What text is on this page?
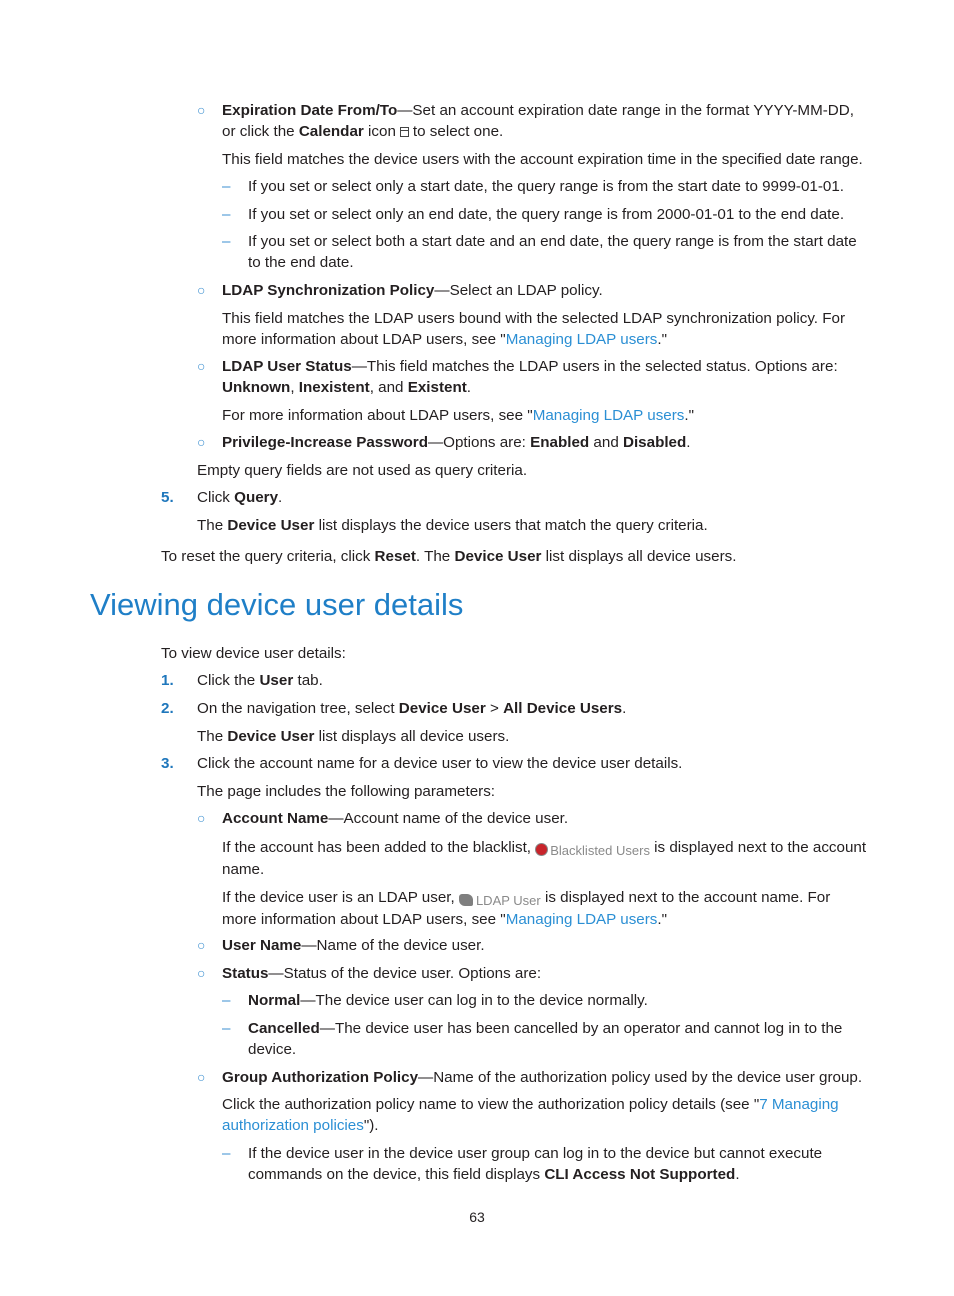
○ Expiration Date From/To—Set an account expiration date range in the format YYYY-MM-DD, or click the Calendar icon to select one.
This field matches the device users with the account expiration time in the specified date range.
– If you set or select only a start date, the query range is from the start date to 9999-01-01.
– If you set or select only an end date, the query range is from 2000-01-01 to the end date.
– If you set or select both a start date and an end date, the query range is from the start date to the end date.
○ LDAP Synchronization Policy—Select an LDAP policy.
This field matches the LDAP users bound with the selected LDAP synchronization policy. For more information about LDAP users, see "Managing LDAP users."
○ LDAP User Status—This field matches the LDAP users in the selected status. Options are: Unknown, Inexistent, and Existent.
For more information about LDAP users, see "Managing LDAP users."
○ Privilege-Increase Password—Options are: Enabled and Disabled.
Empty query fields are not used as query criteria.
5. Click Query.
The Device User list displays the device users that match the query criteria.
To reset the query criteria, click Reset. The Device User list displays all device users.
Viewing device user details
To view device user details:
1. Click the User tab.
2. On the navigation tree, select Device User > All Device Users.
The Device User list displays all device users.
3. Click the account name for a device user to view the device user details.
The page includes the following parameters:
○ Account Name—Account name of the device user.
If the account has been added to the blacklist, Blacklisted Users is displayed next to the account name.
If the device user is an LDAP user, LDAP User is displayed next to the account name. For more information about LDAP users, see "Managing LDAP users."
○ User Name—Name of the device user.
○ Status—Status of the device user. Options are:
– Normal—The device user can log in to the device normally.
– Cancelled—The device user has been cancelled by an operator and cannot log in to the device.
○ Group Authorization Policy—Name of the authorization policy used by the device user group.
Click the authorization policy name to view the authorization policy details (see "7 Managing authorization policies").
– If the device user in the device user group can log in to the device but cannot execute commands on the device, this field displays CLI Access Not Supported.
63
